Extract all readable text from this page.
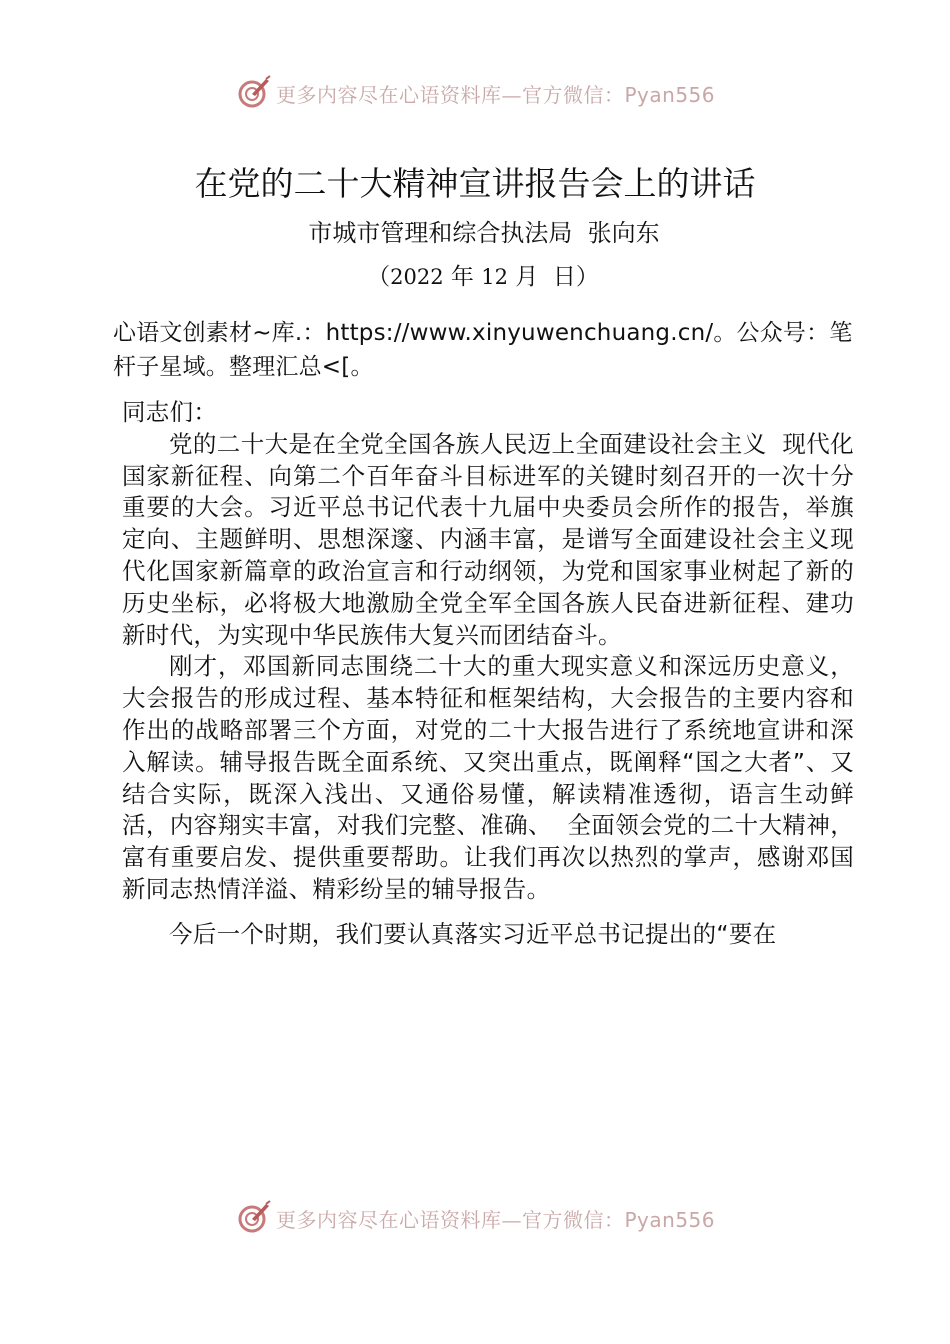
更多内容尽在心语资料库—官方微信：Pyan556
在党的二十大精神宣讲报告会上的讲话
市城市管理和综合执法局  张向东
（2022 年 12 月  日）
心语文创素材~库.：https://www.xinyuwenchuang.cn/。公众号：笔杆子星域。整理汇总<[。

同志们：

党的二十大是在全党全国各族人民迈上全面建设社会主义  现代化国家新征程、向第二个百年奋斗目标进军的关键时刻召开的一次十分重要的大会。习近平总书记代表十九届中央委员会所作的报告，举旗定向、主题鲜明、思想深邃、内涵丰富，是谱写全面建设社会主义现代化国家新篇章的政治宣言和行动纲领，为党和国家事业树起了新的历史坐标，必将极大地激励全党全军全国各族人民奋进新征程、建功新时代，为实现中华民族伟大复兴而团结奋斗。

刚才，邓国新同志围绕二十大的重大现实意义和深远历史意义，大会报告的形成过程、基本特征和框架结构，大会报告的主要内容和作出的战略部署三个方面，对党的二十大报告进行了系统地宣讲和深入解读。辅导报告既全面系统、又突出重点，既阐释“国之大者”、又结合实际，既深入浅出、又通俗易懂，解读精准透彻，语言生动鲜活，内容翔实丰富，对我们完整、准确、  全面领会党的二十大精神，富有重要启发、提供重要帮助。让我们再次以热烈的掌声，感谢邓国新同志热情洋溢、精彩纷呈的辅导报告。

今后一个时期，我们要认真落实习近平总书记提出的“要在

更多内容尽在心语资料库—官方微信：Pyan556
